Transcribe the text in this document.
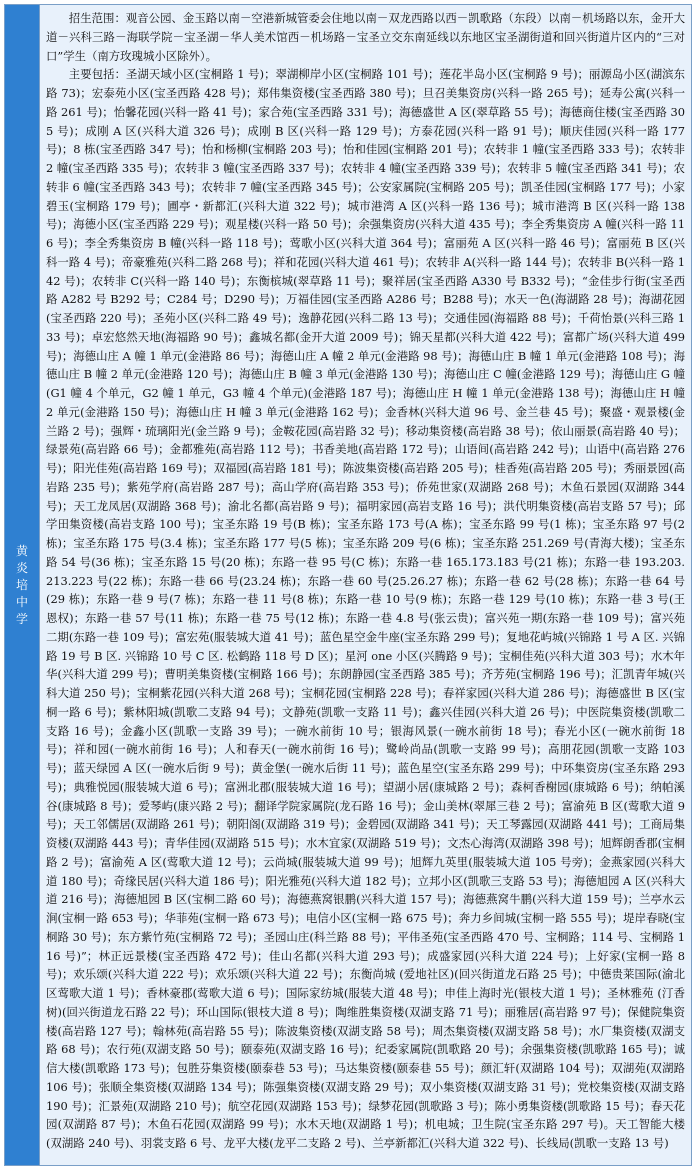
黄炎培中学

招生范围：观音公园、金玉路以南－空港新城管委会住地以南－双龙西路以西－凯歌路（东段）以南－机场路以东，金开大道－兴科三路－海联学院－宝圣湖－华人美术馆西－机场路－宝圣立交东南延线以东地区宝圣湖街道和回兴街道片区内的“三对口”学生（南方玫瑰城小区除外）。

主要包括：圣湖天域小区(宝桐路 1 号)；翠湖柳岸小区(宝桐路 101 号)；莲花半岛小区(宝桐路 9 号)；丽源岛小区(湖滨东路 73)；宏泰苑小区(宝圣西路 428 号)；郑伟集资楼(宝圣西路 380 号)；旦召美集资房(兴科一路 265 号)；延寿公寓(兴科一路 261 号)；怡馨花园(兴科一路 41 号)；家合苑(宝圣西路 331 号)；海德盛世 A 区(翠草路 55 号)；海德商住楼(宝圣西路 305 号)；成刚 A 区(兴科大道 326 号)；成刚 B 区(兴科一路 129 号)；方泰花园(兴科一路 91 号)；顺庆佳园(兴科一路 177 号)；8 栋(宝圣西路 347 号)；怡和杨柳(宝桐路 203 号)；怡和佳园(宝桐路 201 号)；农转非 1 幢(宝圣西路 333 号)；农转非 2 幢(宝圣西路 335 号)；农转非 3 幢(宝圣西路 337 号)；农转非 4 幢(宝圣西路 339 号)；农转非 5 幢(宝圣西路 341 号)；农转非 6 幢(宝圣西路 343 号)；农转非 7 幢(宝圣西路 345 号)；公安家属院(宝桐路 205 号)；凯圣佳园(宝桐路 177 号)；小家碧玉(宝桐路 179 号)；圃亭・新都汇(兴科大道 322 号)；城市港湾 A 区(兴科一路 136 号)；城市港湾 B 区(兴科一路 138 号)；海德小区(宝圣西路 229 号)；观星楼(兴科一路 50 号)；余强集资房(兴科大道 435 号)；李全秀集资房 A 幢(兴科一路 116 号)；李全秀集资房 B 幢(兴科一路 118 号)；莺歌小区(兴科大道 364 号)；富丽苑 A 区(兴科一路 46 号)；富丽苑 B 区(兴科一路 4 号)；帝豪雅苑(兴科二路 268 号)；祥和花园(兴科大道 461 号)；农转非 A(兴科一路 144 号)；农转非 B(兴科一路 142 号)；农转非 C(兴科一路 140 号)；东衡槟城(翠草路 11 号)；聚祥居(宝圣西路 A330 号 B332 号)；“金佳步行街(宝圣西路 A282 号 B292 号；C284 号；D290 号)；万福佳园(宝圣西路 A286 号；B288 号)；水天一色(海湖路 28 号)；海湖花园(宝圣西路 220 号)；圣苑小区(兴科二路 49 号)；逸静花园(兴科二路 13 号)；交通佳园(海福路 88 号)；千荷怡景(兴科三路 133 号)；卓宏悠然天地(海福路 90 号)；鑫城名都(金开大道 2009 号)；锦天星都(兴科大道 422 号)；富都广场(兴科大道 499 号)；海德山庄 A 幢 1 单元(金港路 86 号)；海德山庄 A 幢 2 单元(金港路 98 号)；海德山庄 B 幢 1 单元(金港路 108 号)；海德山庄 B 幢 2 单元(金港路 120 号)；海德山庄 B 幢 3 单元(金港路 130 号)；海德山庄 C 幢(金港路 129 号)；海德山庄 G 幢 (G1 幢 4 个单元，G2 幢 1 单元，G3 幢 4 个单元)(金港路 187 号)；海德山庄 H 幢 1 单元(金港路 138 号)；海德山庄 H 幢 2 单元(金港路 150 号)；海德山庄 H 幢 3 单元(金港路 162 号)；金香林(兴科大道 96 号、金兰巷 45 号)；聚盛・观景楼(金兰路 2 号)；强辉・琉璃阳光(金兰路 9 号)；金鞍花园(高岩路 32 号)；移动集资楼(高岩路 38 号)；依山丽景(高岩路 40 号)；绿景苑(高岩路 66 号)；金都雅苑(高岩路 112 号)；书香美地(高岩路 172 号)；山语间(高岩路 242 号)；山语中(高岩路 276 号)；阳光佳苑(高岩路 169 号)；双福园(高岩路 181 号)；陈波集资楼(高岩路 205 号)；桂香苑(高岩路 205 号)；秀丽景园(高岩路 235 号)；紫苑学府(高岩路 287 号)；高山学府(高岩路 353 号)；侨苑世家(双湖路 268 号)；木鱼石景园(双湖路 344 号)；天工龙凤居(双湖路 368 号)；渝北名都(高岩路 9 号)；福明家园(高岩支路 16 号)；洪代明集资楼(高岩支路 57 号)；邱学田集资楼(高岩支路 100 号)；宝圣东路 19 号(B 栋)；宝圣东路 173 号(A 栋)；宝圣东路 99 号(1 栋)；宝圣东路 97 号(2 栋)；宝圣东路 175 号(3.4 栋)；宝圣东路 177 号(5 栋)；宝圣东路 209 号(6 栋)；宝圣东路 251.269 号(青海大楼)；宝圣东路 54 号(36 栋)；宝圣东路 15 号(20 栋)；东路一巷 95 号(C 栋)；东路一巷 165.173.183 号(21 栋)；东路一巷 193.203.213.223 号(22 栋)；东路一巷 66 号(23.24 栋)；东路一巷 60 号(25.26.27 栋)；东路一巷 62 号(28 栋)；东路一巷 64 号(29 栋)；东路一巷 9 号(7 栋)；东路一巷 11 号(8 栋)；东路一巷 10 号(9 栋)；东路一巷 129 号(10 栋)；东路一巷 3 号(王恩权)；东路一巷 57 号(11 栋)；东路一巷 75 号(12 栋)；东路一巷 4.8 号(张云贵)；富兴苑一期(东路一巷 109 号)；富兴苑二期(东路一巷 109 号)；富宏苑(服装城大道 41 号)；蓝色星空金牛座(宝圣东路 299 号)；复地花屿城(兴锦路 1 号 A 区. 兴锦路 19 号 B 区. 兴锦路 10 号 C 区. 松鹤路 118 号 D 区)；星河 one 小区(兴腾路 9 号)；宝桐佳苑(兴科大道 303 号)；水木年华(兴科大道 299 号)；曹明美集资楼(宝桐路 166 号)；东朗静园(宝圣西路 385 号)；齐芳苑(宝桐路 196 号)；汇凯青年城(兴科大道 250 号)；宝桐紫花园(兴科大道 268 号)；宝桐花园(宝桐路 228 号)；春祥家园(兴科大道 286 号)；海德盛世 B 区(宝桐一路 6 号)；紫林阳城(凯歌二支路 94 号)；文静苑(凯歌一支路 11 号)；鑫兴佳园(兴科大道 26 号)；中医院集资楼(凯歌二支路 16 号)；金鑫小区(凯歌一支路 39 号)；一碗水前街 10 号；银海风景(一碗水前街 18 号)；春光小区(一碗水前街 18 号)；祥和园(一碗水前街 16 号)；人和春天(一碗水前街 16 号)；鹭岭尚品(凯歌一支路 99 号)；高朋花园(凯歌一支路 103 号)；蓝天绿园 A 区(一碗水后街 9 号)；黄金堡(一碗水后街 11 号)；蓝色星空(宝圣东路 299 号)；中环集资房(宝圣东路 293 号)；典雅悦园(服装城大道 6 号)；富洲北郡(服装城大道 16 号)；望湖小居(康城路 2 号)；森柯香榭园(康城路 6 号)；纳帕溪谷(康城路 8 号)；爱琴屿(康兴路 2 号)；翻译学院家属院(龙石路 16 号)；金山美林(翠犀三巷 2 号)；富渝苑 B 区(莺歌大道 9 号)；天工邻儒居(双湖路 261 号)；朝阳阁(双湖路 319 号)；金碧园(双湖路 341 号)；天工琴露园(双湖路 441 号)；工商局集资楼(双湖路 443 号)；青华佳园(双湖路 515 号)；水木宜家(双湖路 519 号)；文杰心海湾(双湖路 398 号)；旭辉朗香郡(宝桐路 2 号)；富渝苑 A 区(莺歌大道 12 号)；云尚城(服装城大道 99 号)；旭辉九英里(服装城大道 105 号旁)；金燕家园(兴科大道 180 号)；奇缘民居(兴科大道 186 号)；阳光雅苑(兴科大道 182 号)；立邦小区(凯歌三支路 53 号)；海德旭园 A 区(兴科大道 216 号)；海德旭园 B 区(宝桐二路 60 号)；海德燕窝银鹏(兴科大道 157 号)；海德燕窝牛鹏(兴科大道 159 号)；兰亭水云涧(宝桐一路 653 号)；华菲苑(宝桐一路 673 号)；电信小区(宝桐一路 675 号)；奔力乡间城(宝桐一路 555 号)；堤岸春晓(宝桐路 30 号)；东方紫竹苑(宝桐路 72 号)；圣园山庄(科兰路 88 号)；平伟圣苑(宝圣西路 470 号、宝桐路；114 号、宝桐路 116 号)”；林正远景楼(宝圣西路 472 号)；佳山名都(兴科大道 293 号)；成盛家园(兴科大道 224 号)；上好家(宝桐一路 8 号)；欢乐颂(兴科大道 222 号)；欢乐颂(兴科大道 22 号)；东衡尚城 (爱地社区)(回兴街道龙石路 25 号)；中德贵莱国际(渝北区莺歌大道 1 号)；香林豪郡(莺歌大道 6 号)；国际家纺城(服装大道 48 号)；申佳上海时光(银枝大道 1 号)；圣林雅苑 (汀香树)(回兴街道龙石路 22 号)；环山国际(银枝大道 8 号)；陶维胜集资楼(双湖支路 71 号)；丽雅居(高岩路 97 号)；保健院集资楼(高岩路 127 号)；翰林苑(高岩路 55 号)；陈波集资楼(双湖支路 58 号)；周杰集资楼(双湖支路 58 号)；水厂集资楼(双湖支路 68 号)；农行苑(双湖支路 50 号)；颐泰苑(双湖支路 16 号)；纪委家属院(凯歌路 20 号)；余强集资楼(凯歌路 165 号)；诚信大楼(凯歌路 173 号)；包胜芬集资楼(颐泰巷 53 号)；马达集资楼(颐泰巷 55 号)；颜汇轩(双湖路 104 号)；双湖苑(双湖路 106 号)；张顺全集资楼(双湖路 134 号)；陈强集资楼(双湖支路 29 号)；双小集资楼(双湖支路 31 号)；党校集资楼(双湖支路 190 号)；汇景苑(双湖路 210 号)；航空花园(双湖路 153 号)；绿梦花园(凯歌路 3 号)；陈小勇集资楼(凯歌路 15 号)；春天花园(双湖路 87 号)；木鱼石花园(双湖路 99 号)；水木天地(双湖路 1 号)；机电城；卫生院(宝圣东路 297 号)。天工智能大楼(双湖路 240 号)、羽裳支路 6 号、龙平大楼(龙平二支路 2 号)、兰亭新都汇(兴科大道 322 号)、长线局(凯歌一支路 13 号)
